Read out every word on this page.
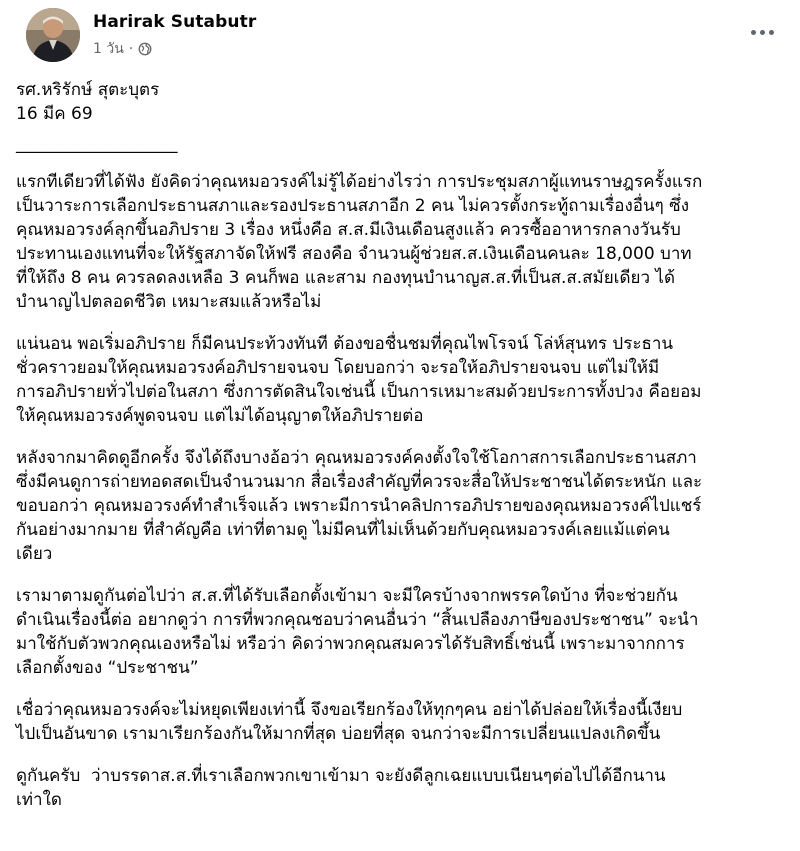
Harirak Sutabutr
1 วัน ·

รศ.หริรักษ์ สุตะบุตร

16 มีค 69

___________________

แรกทีเดียวที่ได้ฟัง ยังคิดว่าคุณหมอวรงค์ไม่รู้ได้อย่างไรว่า การประชุมสภาผู้แทนราษฎรครั้งแรก
เป็นวาระการเลือกประธานสภาและรองประธานสภาอีก 2 คน ไม่ควรตั้งกระทู้ถามเรื่องอื่นๆ ซึ่ง
คุณหมอวรงค์ลุกขึ้นอภิปราย 3 เรื่อง หนึ่งคือ ส.ส.มีเงินเดือนสูงแล้ว ควรซื้ออาหารกลางวันรับ
ประทานเองแทนที่จะให้รัฐสภาจัดให้ฟรี สองคือ จำนวนผู้ช่วยส.ส.เงินเดือนคนละ 18,000 บาท
ที่ให้ถึง 8 คน ควรลดลงเหลือ 3 คนก็พอ และสาม กองทุนบำนาญส.ส.ที่เป็นส.ส.สมัยเดียว ได้
บำนาญไปตลอดชีวิต เหมาะสมแล้วหรือไม่

แน่นอน พอเริ่มอภิปราย ก็มีคนประท้วงทันที ต้องขอชื่นชมที่คุณไพโรจน์ โล่ห์สุนทร ประธาน
ชั่วคราวยอมให้คุณหมอวรงค์อภิปรายจนจบ โดยบอกว่า จะรอให้อภิปรายจนจบ แต่ไม่ให้มี
การอภิปรายทั่วไปต่อในสภา ซึ่งการตัดสินใจเช่นนี้ เป็นการเหมาะสมด้วยประการทั้งปวง คือยอม
ให้คุณหมอวรงค์พูดจนจบ แต่ไม่ได้อนุญาตให้อภิปรายต่อ

หลังจากมาคิดดูอีกครั้ง จึงได้ถึงบางอ้อว่า คุณหมอวรงค์คงตั้งใจใช้โอกาสการเลือกประธานสภา
ซึ่งมีคนดูการถ่ายทอดสดเป็นจำนวนมาก สื่อเรื่องสำคัญที่ควรจะสื่อให้ประชาชนได้ตระหนัก และ
ขอบอกว่า คุณหมอวรงค์ทำสำเร็จแล้ว เพราะมีการนำคลิปการอภิปรายของคุณหมอวรงค์ไปแชร์
กันอย่างมากมาย ที่สำคัญคือ เท่าที่ตามดู ไม่มีคนที่ไม่เห็นด้วยกับคุณหมอวรงค์เลยแม้แต่คน
เดียว

เรามาตามดูกันต่อไปว่า ส.ส.ที่ได้รับเลือกตั้งเข้ามา จะมีใครบ้างจากพรรคใดบ้าง ที่จะช่วยกัน
ดำเนินเรื่องนี้ต่อ อยากดูว่า การที่พวกคุณชอบว่าคนอื่นว่า “สิ้นเปลืองภาษีของประชาชน” จะนำ
มาใช้กับตัวพวกคุณเองหรือไม่ หรือว่า คิดว่าพวกคุณสมควรได้รับสิทธิ์เช่นนี้ เพราะมาจากการ
เลือกตั้งของ “ประชาชน”

เชื่อว่าคุณหมอวรงค์จะไม่หยุดเพียงเท่านี้ จึงขอเรียกร้องให้ทุกๆคน อย่าได้ปล่อยให้เรื่องนี้เงียบ
ไปเป็นอันขาด เรามาเรียกร้องกันให้มากที่สุด บ่อยที่สุด จนกว่าจะมีการเปลี่ยนแปลงเกิดขึ้น

ดูกันครับ  ว่าบรรดาส.ส.ที่เราเลือกพวกเขาเข้ามา จะยังดีลูกเฉยแบบเนียนๆต่อไปได้อีกนาน
เท่าใด
